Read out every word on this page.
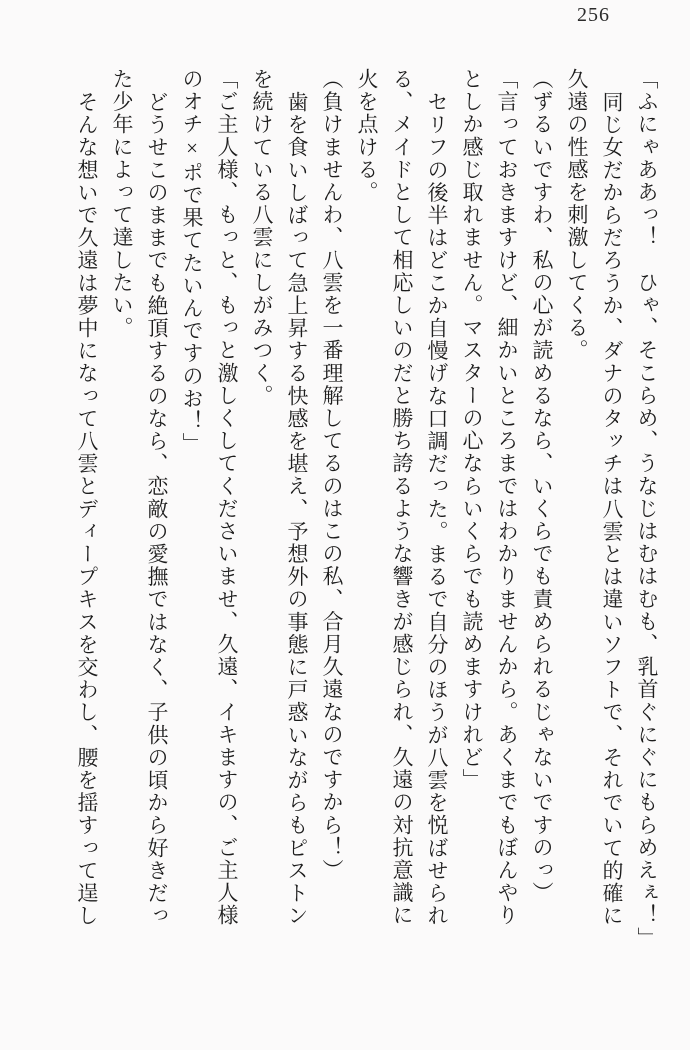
256

「ふにゃああっ！　ひゃ、そこらめ、うなじはむはむも、乳首ぐにぐにもらめえぇ！」

同じ女だからだろうか、ダナのタッチは八雲とは違いソフトで、それでいて的確に

久遠の性感を刺激してくる。

（ずるいですわ、私の心が読めるなら、いくらでも責められるじゃないですのっ）

「言っておきますけど、細かいところまではわかりませんから。あくまでもぼんやり

としか感じ取れません。マスターの心ならいくらでも読めますけれど」

セリフの後半はどこか自慢げな口調だった。まるで自分のほうが八雲を悦ばせられ

る、メイドとして相応しいのだと勝ち誇るような響きが感じられ、久遠の対抗意識に

火を点ける。

（負けませんわ、八雲を一番理解してるのはこの私、合月久遠なのですから！）

歯を食いしばって急上昇する快感を堪え、予想外の事態に戸惑いながらもピストン

を続けている八雲にしがみつく。

「ご主人様、もっと、もっと激しくしてくださいませ、久遠、イキますの、ご主人様

のオチ×ポで果てたいんですのお！」

どうせこのままでも絶頂するのなら、恋敵の愛撫ではなく、子供の頃から好きだっ

た少年によって達したい。

そんな想いで久遠は夢中になって八雲とディープキスを交わし、腰を揺すって逞し
